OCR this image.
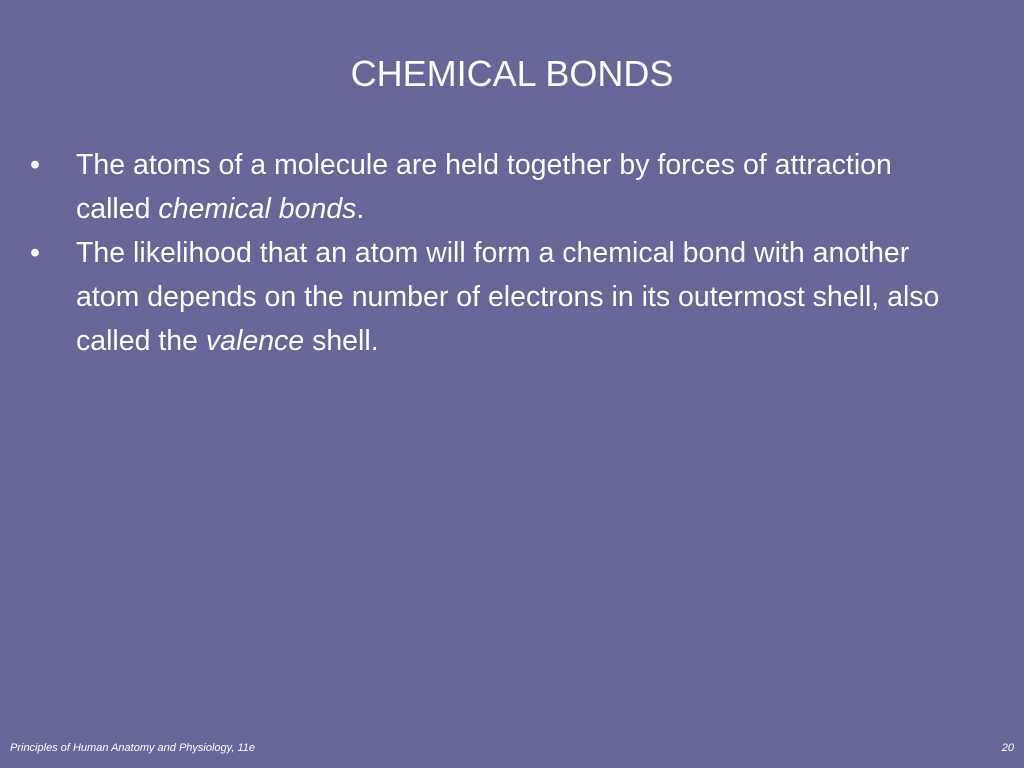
CHEMICAL BONDS
•	The atoms of a molecule are held together by forces of attraction called chemical bonds.
•	The likelihood that an atom will form a chemical bond with another atom depends on the number of electrons in its outermost shell, also called the valence shell.
Principles of Human Anatomy and Physiology, 11e	20
